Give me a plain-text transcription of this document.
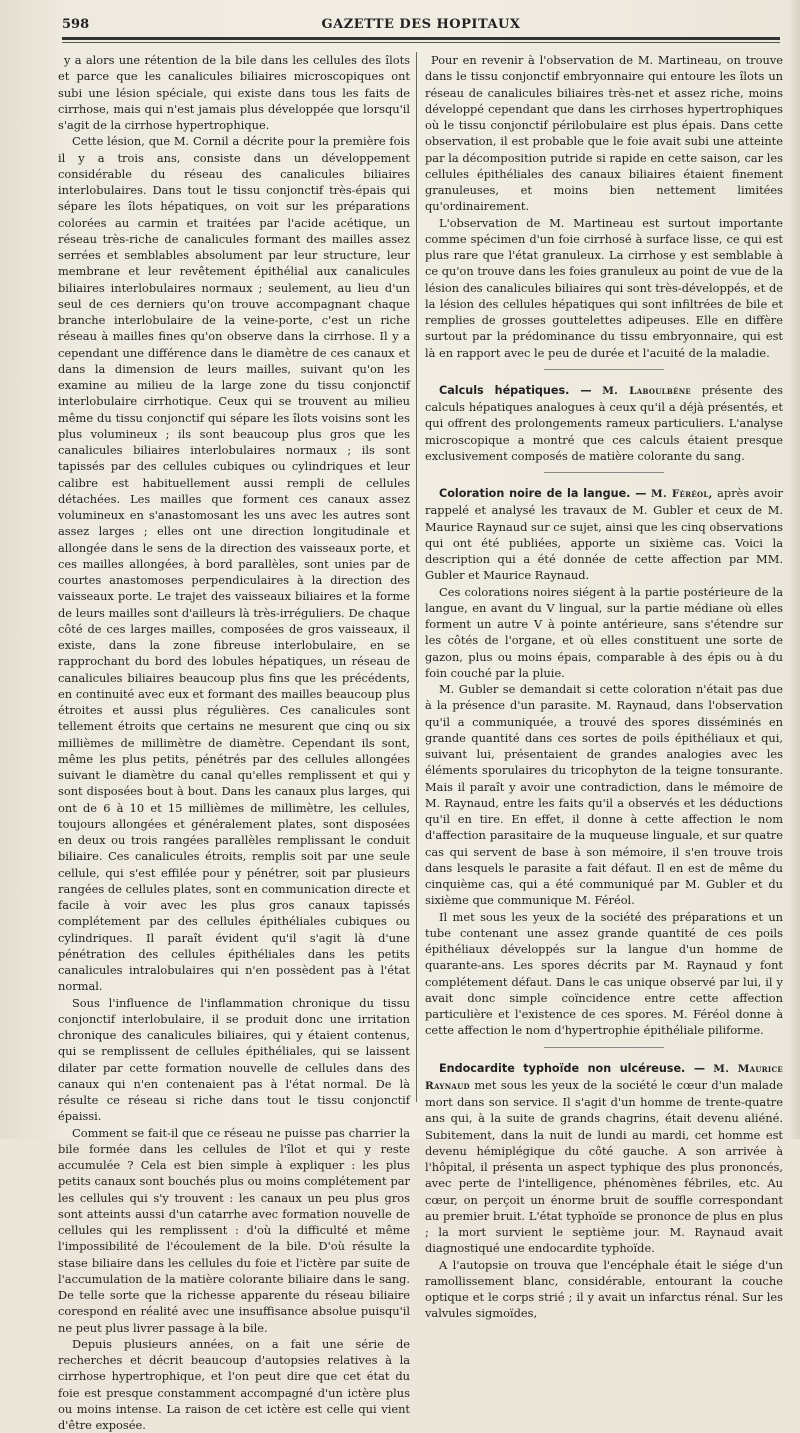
598	GAZETTE DES HOPITAUX

y a alors une rétention de la bile dans les cellules des îlots et parce que les canalicules biliaires microscopiques ont subi une lésion spéciale, qui existe dans tous les faits de cirrhose, mais qui n'est jamais plus développée que lorsqu'il s'agit de la cirrhose hypertrophique.

Cette lésion, que M. Cornil a décrite pour la première fois il y a trois ans, consiste dans un développement considérable du réseau des canalicules biliaires interlobulaires. Dans tout le tissu conjonctif très-épais qui sépare les îlots hépatiques, on voit sur les préparations colorées au carmin et traitées par l'acide acétique, un réseau très-riche de canalicules formant des mailles assez serrées et semblables absolument par leur structure, leur membrane et leur revêtement épithélial aux canalicules biliaires interlobulaires normaux ; seulement, au lieu d'un seul de ces derniers qu'on trouve accompagnant chaque branche interlobulaire de la veine-porte, c'est un riche réseau à mailles fines qu'on observe dans la cirrhose. Il y a cependant une différence dans le diamètre de ces canaux et dans la dimension de leurs mailles, suivant qu'on les examine au milieu de la large zone du tissu conjonctif interlobulaire cirrhotique. Ceux qui se trouvent au milieu même du tissu conjonctif qui sépare les îlots voisins sont les plus volumineux ; ils sont beaucoup plus gros que les canalicules biliaires interlobulaires normaux ; ils sont tapissés par des cellules cubiques ou cylindriques et leur calibre est habituellement aussi rempli de cellules détachées. Les mailles que forment ces canaux assez volumineux en s'anastomosant les uns avec les autres sont assez larges ; elles ont une direction longitudinale et allongée dans le sens de la direction des vaisseaux porte, et ces mailles allongées, à bord parallèles, sont unies par de courtes anastomoses perpendiculaires à la direction des vaisseaux porte. Le trajet des vaisseaux biliaires et la forme de leurs mailles sont d'ailleurs là très-irréguliers. De chaque côté de ces larges mailles, composées de gros vaisseaux, il existe, dans la zone fibreuse interlobulaire, en se rapprochant du bord des lobules hépatiques, un réseau de canalicules biliaires beaucoup plus fins que les précédents, en continuité avec eux et formant des mailles beaucoup plus étroites et aussi plus régulières. Ces canalicules sont tellement étroits que certains ne mesurent que cinq ou six millièmes de millimètre de diamètre. Cependant ils sont, même les plus petits, pénétrés par des cellules allongées suivant le diamètre du canal qu'elles remplissent et qui y sont disposées bout à bout. Dans les canaux plus larges, qui ont de 6 à 10 et 15 millièmes de millimètre, les cellules, toujours allongées et généralement plates, sont disposées en deux ou trois rangées parallèles remplissant le conduit biliaire. Ces canalicules étroits, remplis soit par une seule cellule, qui s'est effilée pour y pénétrer, soit par plusieurs rangées de cellules plates, sont en communication directe et facile à voir avec les plus gros canaux tapissés complétement par des cellules épithéliales cubiques ou cylindriques. Il paraît évident qu'il s'agit là d'une pénétration des cellules épithéliales dans les petits canalicules intralobulaires qui n'en possèdent pas à l'état normal.

Sous l'influence de l'inflammation chronique du tissu conjonctif interlobulaire, il se produit donc une irritation chronique des canalicules biliaires, qui y étaient contenus, qui se remplissent de cellules épithéliales, qui se laissent dilater par cette formation nouvelle de cellules dans des canaux qui n'en contenaient pas à l'état normal. De là résulte ce réseau si riche dans tout le tissu conjonctif épaissi.

Comment se fait-il que ce réseau ne puisse pas charrier la bile formée dans les cellules de l'îlot et qui y reste accumulée ? Cela est bien simple à expliquer : les plus petits canaux sont bouchés plus ou moins complétement par les cellules qui s'y trouvent : les canaux un peu plus gros sont atteints aussi d'un catarrhe avec formation nouvelle de cellules qui les remplissent : d'où la difficulté et même l'impossibilité de l'écoulement de la bile. D'où résulte la stase biliaire dans les cellules du foie et l'ictère par suite de l'accumulation de la matière colorante biliaire dans le sang. De telle sorte que la richesse apparente du réseau biliaire corespond en réalité avec une insuffisance absolue puisqu'il ne peut plus livrer passage à la bile.

Depuis plusieurs années, on a fait une série de recherches et décrit beaucoup d'autopsies relatives à la cirrhose hypertrophique, et l'on peut dire que cet état du foie est presque constamment accompagné d'un ictère plus ou moins intense. La raison de cet ictère est celle qui vient d'être exposée.

Pour en revenir à l'observation de M. Martineau, on trouve dans le tissu conjonctif embryonnaire qui entoure les îlots un réseau de canalicules biliaires très-net et assez riche, moins développé cependant que dans les cirrhoses hypertrophiques où le tissu conjonctif périlobulaire est plus épais. Dans cette observation, il est probable que le foie avait subi une atteinte par la décomposition putride si rapide en cette saison, car les cellules épithéliales des canaux biliaires étaient finement granuleuses, et moins bien nettement limitées qu'ordinairement.

L'observation de M. Martineau est surtout importante comme spécimen d'un foie cirrhosé à surface lisse, ce qui est plus rare que l'état granuleux. La cirrhose y est semblable à ce qu'on trouve dans les foies granuleux au point de vue de la lésion des canalicules biliaires qui sont très-développés, et de la lésion des cellules hépatiques qui sont infiltrées de bile et remplies de grosses gouttelettes adipeuses. Elle en diffère surtout par la prédominance du tissu embryonnaire, qui est là en rapport avec le peu de durée et l'acuité de la maladie.

Calculs hépatiques. — M. Laboulbène présente des calculs hépatiques analogues à ceux qu'il a déjà présentés, et qui offrent des prolongements rameux particuliers. L'analyse microscopique a montré que ces calculs étaient presque exclusivement composés de matière colorante du sang.

Coloration noire de la langue. — M. Féréol, après avoir rappelé et analysé les travaux de M. Gubler et ceux de M. Maurice Raynaud sur ce sujet, ainsi que les cinq observations qui ont été publiées, apporte un sixième cas. Voici la description qui a été donnée de cette affection par MM. Gubler et Maurice Raynaud.

Ces colorations noires siégent à la partie postérieure de la langue, en avant du V lingual, sur la partie médiane où elles forment un autre V à pointe antérieure, sans s'étendre sur les côtés de l'organe, et où elles constituent une sorte de gazon, plus ou moins épais, comparable à des épis ou à du foin couché par la pluie.

M. Gubler se demandait si cette coloration n'était pas due à la présence d'un parasite. M. Raynaud, dans l'observation qu'il a communiquée, a trouvé des spores disséminés en grande quantité dans ces sortes de poils épithéliaux et qui, suivant lui, présentaient de grandes analogies avec les éléments sporulaires du tricophyton de la teigne tonsurante. Mais il paraît y avoir une contradiction, dans le mémoire de M. Raynaud, entre les faits qu'il a observés et les déductions qu'il en tire. En effet, il donne à cette affection le nom d'affection parasitaire de la muqueuse linguale, et sur quatre cas qui servent de base à son mémoire, il s'en trouve trois dans lesquels le parasite a fait défaut. Il en est de même du cinquième cas, qui a été communiqué par M. Gubler et du sixième que communique M. Féréol.

Il met sous les yeux de la société des préparations et un tube contenant une assez grande quantité de ces poils épithéliaux développés sur la langue d'un homme de quarante-ans. Les spores décrits par M. Raynaud y font complétement défaut. Dans le cas unique observé par lui, il y avait donc simple coïncidence entre cette affection particulière et l'existence de ces spores. M. Féréol donne à cette affection le nom d'hypertrophie épithéliale piliforme.

Endocardite typhoïde non ulcéreuse. — M. Maurice Raynaud met sous les yeux de la société le cœur d'un malade mort dans son service. Il s'agit d'un homme de trente-quatre ans qui, à la suite de grands chagrins, était devenu aliéné. Subitement, dans la nuit de lundi au mardi, cet homme est devenu hémiplégique du côté gauche. A son arrivée à l'hôpital, il présenta un aspect typhique des plus prononcés, avec perte de l'intelligence, phénomènes fébriles, etc. Au cœur, on perçoit un énorme bruit de souffle correspondant au premier bruit. L'état typhoïde se prononce de plus en plus ; la mort survient le septième jour. M. Raynaud avait diagnostiqué une endocardite typhoïde.

A l'autopsie on trouva que l'encéphale était le siége d'un ramollissement blanc, considérable, entourant la couche optique et le corps strié ; il y avait un infarctus rénal. Sur les valvules sigmoïdes,
